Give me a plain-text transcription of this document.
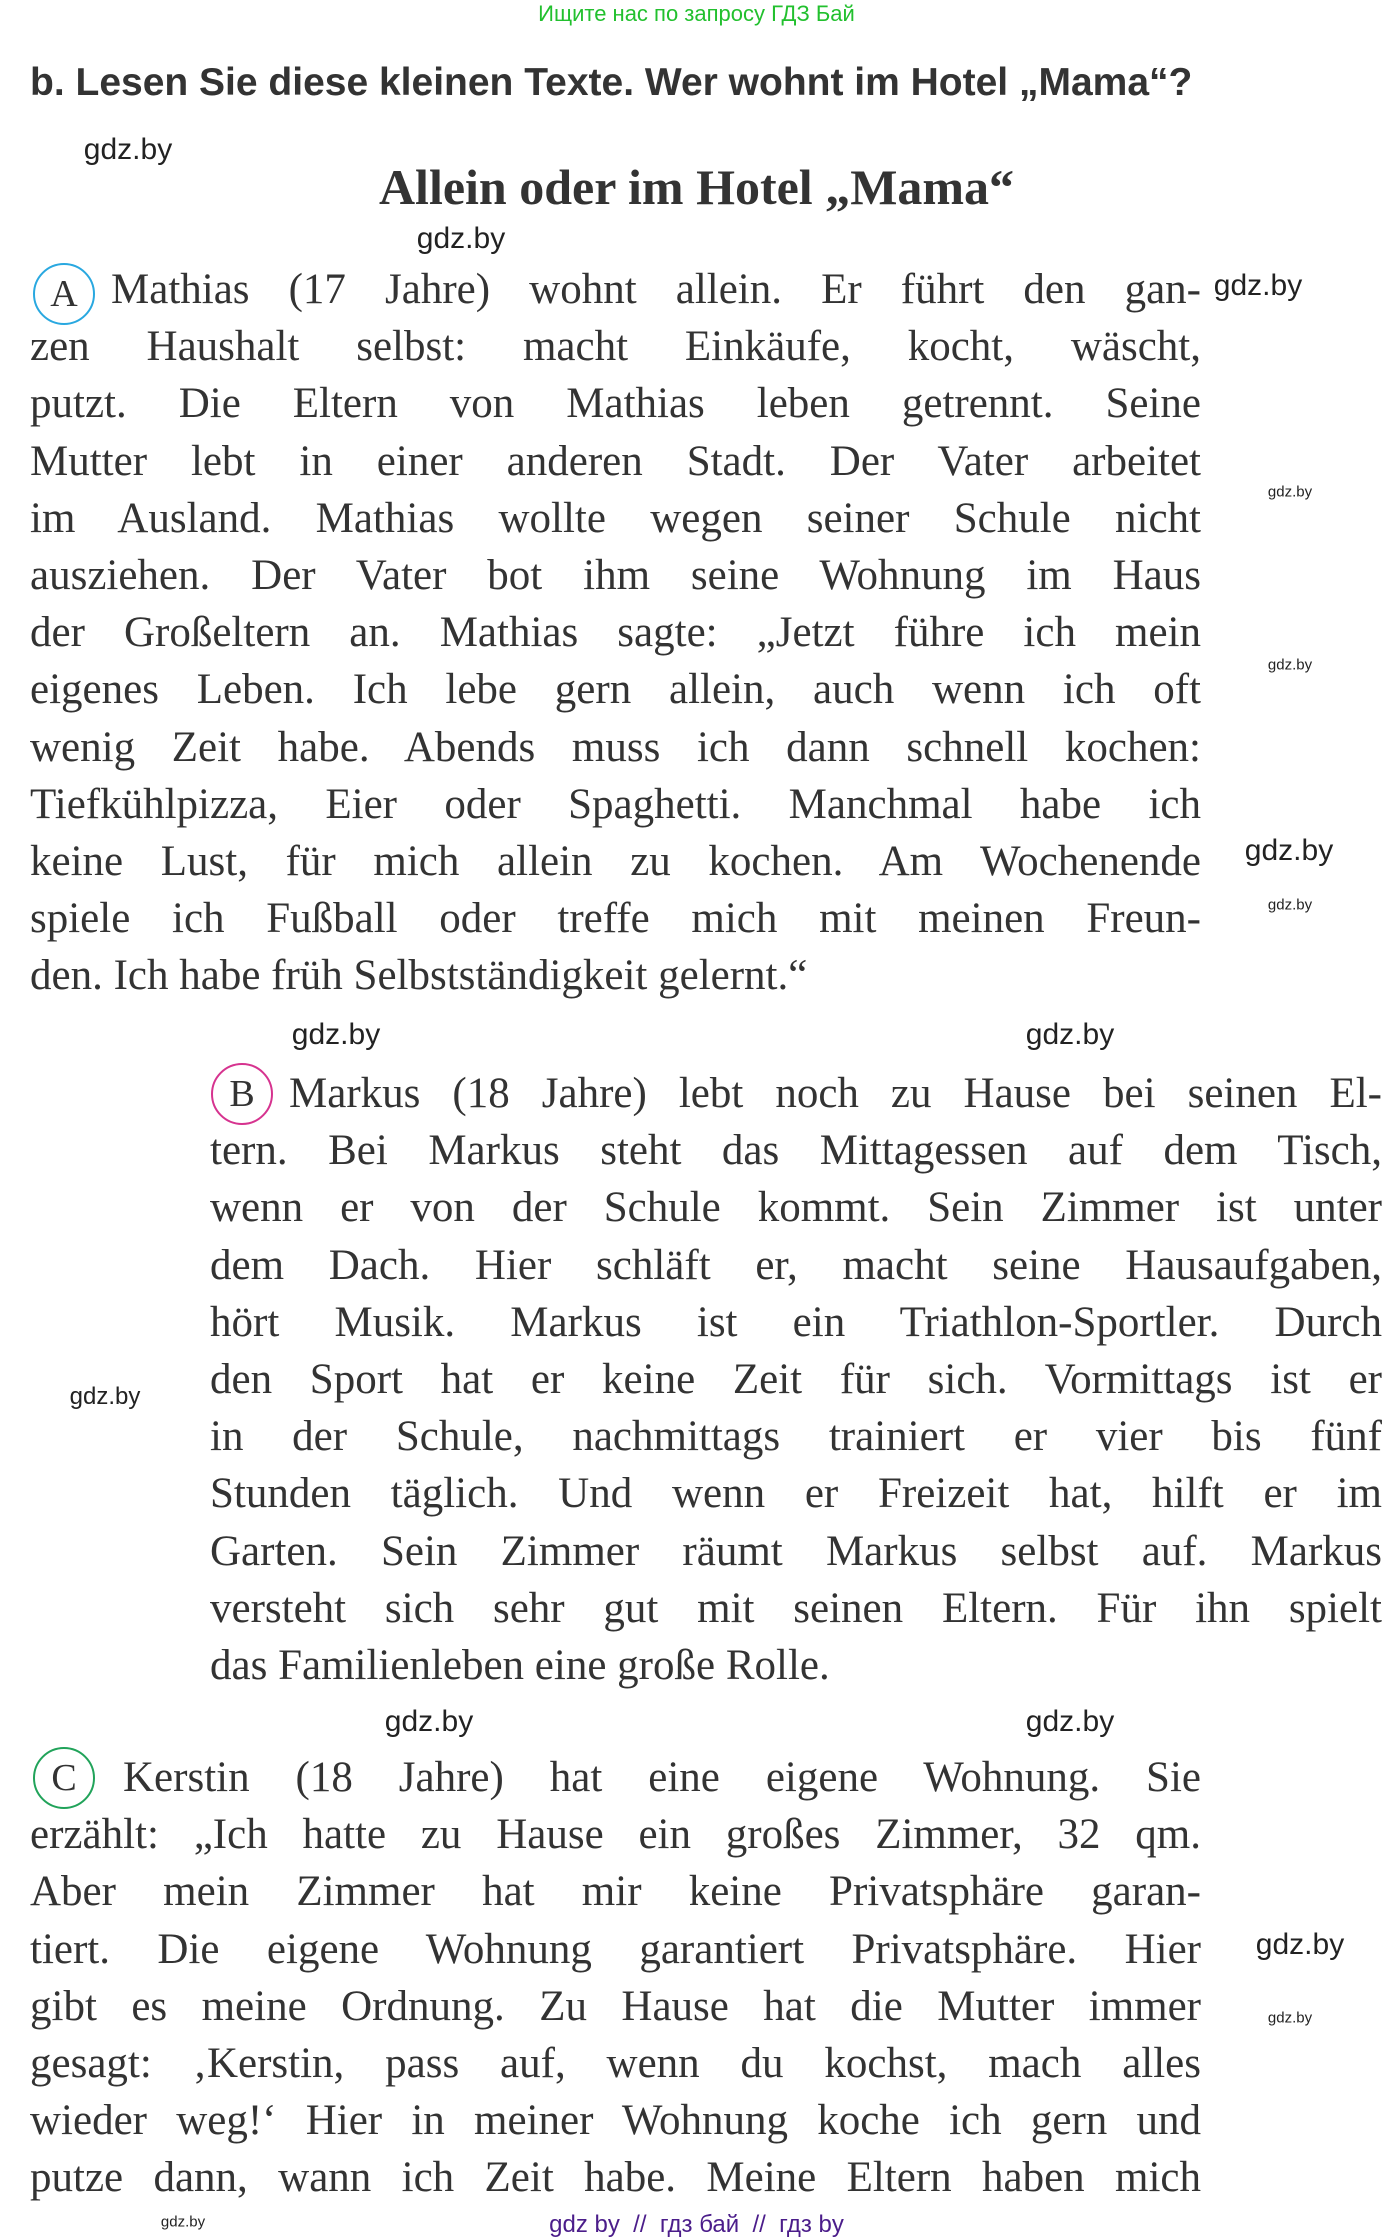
Ищите нас по запросу ГДЗ Бай
b. Lesen Sie diese kleinen Texte. Wer wohnt im Hotel „Mama“?
Allein oder im Hotel „Mama“
Mathias (17 Jahre) wohnt allein. Er führt den gan-
zen Haushalt selbst: macht Einkäufe, kocht, wäscht,
putzt. Die Eltern von Mathias leben getrennt. Seine
Mutter lebt in einer anderen Stadt. Der Vater arbeitet
im Ausland. Mathias wollte wegen seiner Schule nicht
ausziehen. Der Vater bot ihm seine Wohnung im Haus
der Großeltern an. Mathias sagte: „Jetzt führe ich mein
eigenes Leben. Ich lebe gern allein, auch wenn ich oft
wenig Zeit habe. Abends muss ich dann schnell kochen:
Tiefkühlpizza, Eier oder Spaghetti. Manchmal habe ich
keine Lust, für mich allein zu kochen. Am Wochenende
spiele ich Fußball oder treffe mich mit meinen Freun-
den. Ich habe früh Selbstständigkeit gelernt.“
Markus (18 Jahre) lebt noch zu Hause bei seinen El-
tern. Bei Markus steht das Mittagessen auf dem Tisch,
wenn er von der Schule kommt. Sein Zimmer ist unter
dem Dach. Hier schläft er, macht seine Hausaufgaben,
hört Musik. Markus ist ein Triathlon-Sportler. Durch
den Sport hat er keine Zeit für sich. Vormittags ist er
in der Schule, nachmittags trainiert er vier bis fünf
Stunden täglich. Und wenn er Freizeit hat, hilft er im
Garten. Sein Zimmer räumt Markus selbst auf. Markus
versteht sich sehr gut mit seinen Eltern. Für ihn spielt
das Familienleben eine große Rolle.
Kerstin (18 Jahre) hat eine eigene Wohnung. Sie
erzählt: „Ich hatte zu Hause ein großes Zimmer, 32 qm.
Aber mein Zimmer hat mir keine Privatsphäre garan-
tiert. Die eigene Wohnung garantiert Privatsphäre. Hier
gibt es meine Ordnung. Zu Hause hat die Mutter immer
gesagt: ‚Kerstin, pass auf, wenn du kochst, mach alles
wieder weg!‘ Hier in meiner Wohnung koche ich gern und
putze dann, wann ich Zeit habe. Meine Eltern haben mich
A
B
C
gdz.by
gdz.by
gdz.by
gdz.by
gdz.by
gdz.by
gdz.by
gdz.by
gdz.by
gdz.by
gdz.by
gdz.by
gdz.by
gdz.by
gdz.by	gdz by  //  гдз бай  //  гдз by
